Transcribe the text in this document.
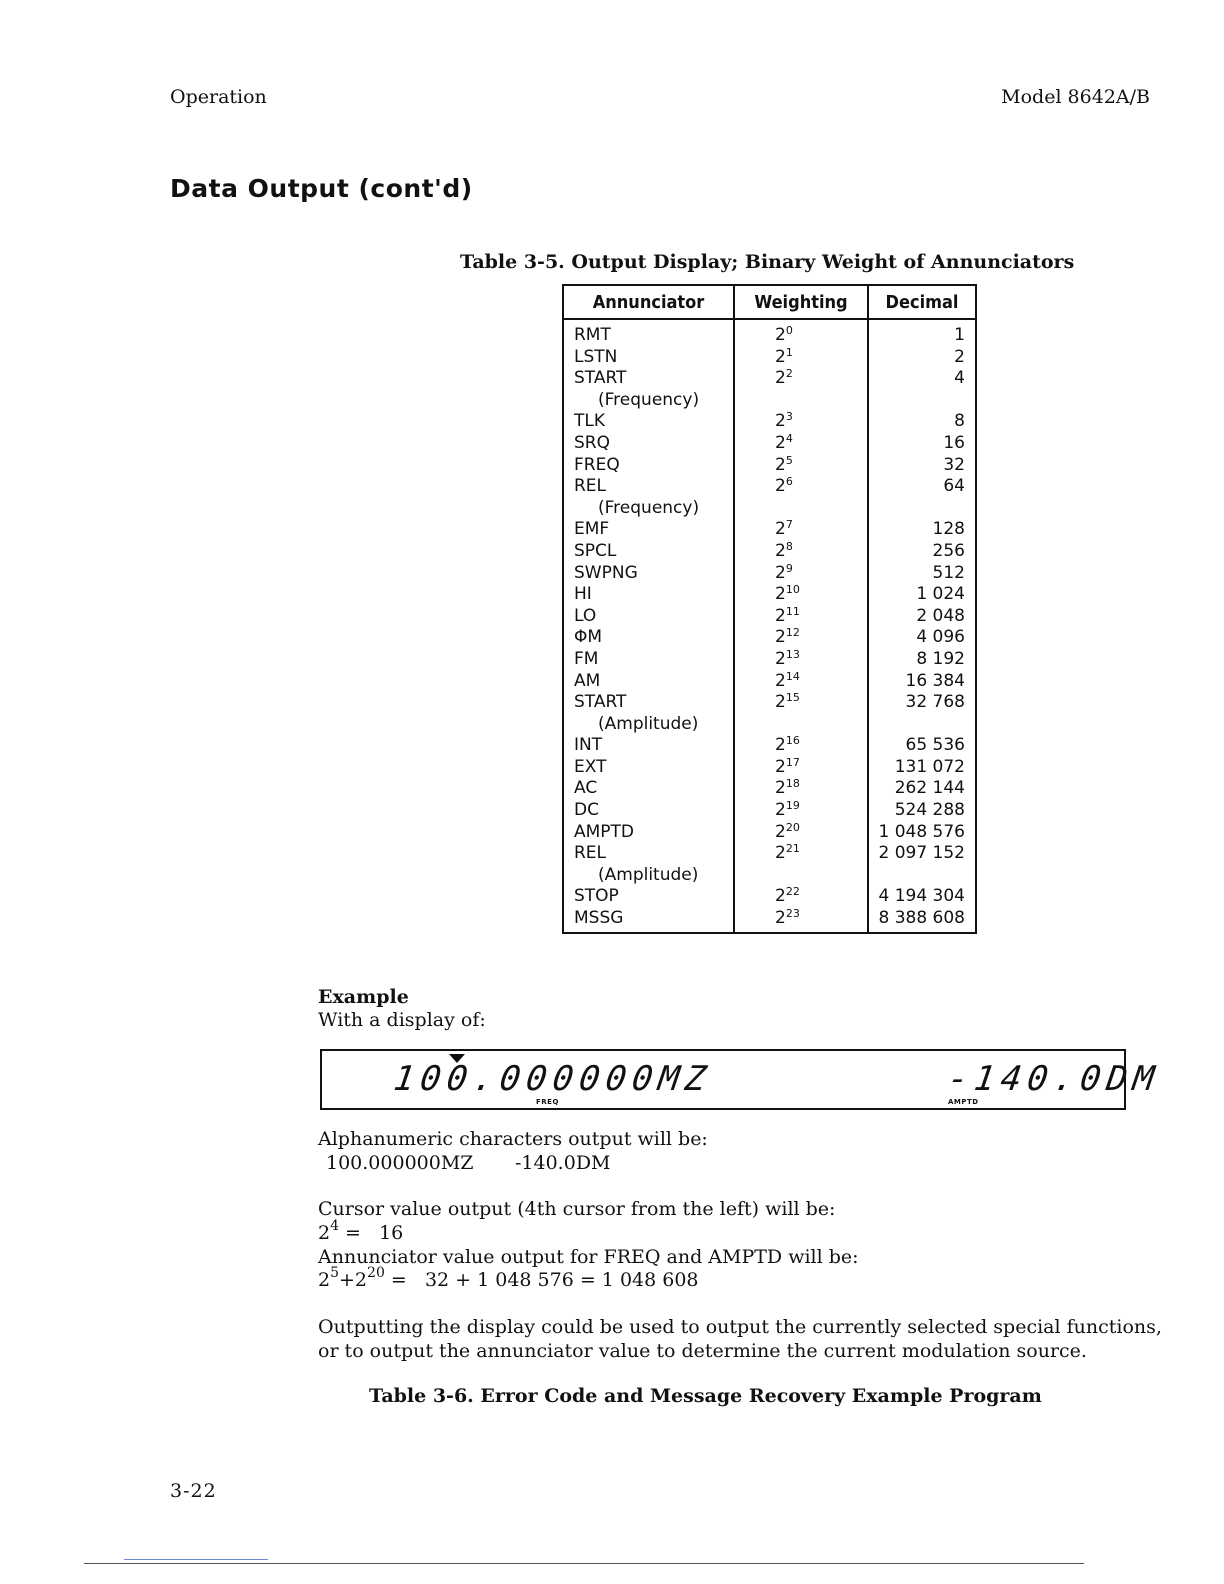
Operation	Model 8642A/B
Data Output (cont'd)
Table 3-5. Output Display; Binary Weight of Annunciators
Annunciator	Weighting	Decimal
RMT	$2^0$	1
LSTN	$2^1$	2
START	$2^2$	4
(Frequency)		
TLK	$2^3$	8
SRQ	$2^4$	16
FREQ	$2^5$	32
REL	$2^6$	64
(Frequency)		
EMF	$2^7$	128
SPCL	$2^8$	256
SWPNG	$2^9$	512
HI	$2^{10}$	1 024
LO	$2^{11}$	2 048
ΦM	$2^{12}$	4 096
FM	$2^{13}$	8 192
AM	$2^{14}$	16 384
START	$2^{15}$	32 768
(Amplitude)		
INT	$2^{16}$	65 536
EXT	$2^{17}$	131 072
AC	$2^{18}$	262 144
DC	$2^{19}$	524 288
AMPTD	$2^{20}$	1 048 576
REL	$2^{21}$	2 097 152
(Amplitude)		
STOP	$2^{22}$	4 194 304
MSSG	$2^{23}$	8 388 608
Example
With a display of:
100.000000MZ	-140.0DM
FREQ	AMPTD
Alphanumeric characters output will be:
100.000000MZ -140.0DM
Cursor value output (4th cursor from the left) will be:
$2^4 = 16$
Annunciator value output for FREQ and AMPTD will be:
$2^5+2^{20} = 32 + 1$ 048 576 = 1 048 608
Outputting the display could be used to output the currently selected special functions, or to output the annunciator value to determine the current modulation source.
Table 3-6. Error Code and Message Recovery Example Program
3-22
